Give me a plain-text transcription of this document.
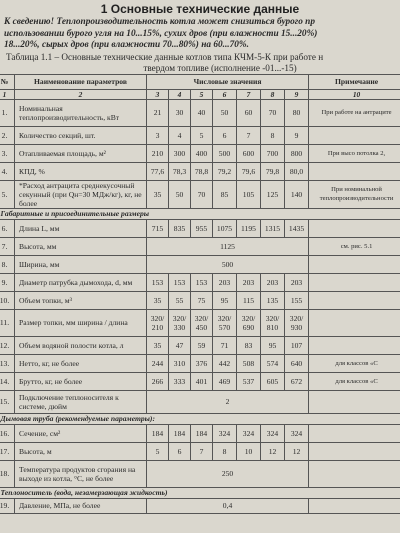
1 Основные технические данные
К сведению! Теплопроизводительность котла может снизиться бурого пр
использовании бурого угля на 10...15%, сухих дров (при влажности 15...20%)
18...20%, сырых дров (при влажности 70...80%) на 60...70%.
Таблица 1.1 – Основные технические данные котлов типа КЧМ-5-К при работе н
твердом топливе (исполнение -01...-15)
№	Наименование параметров	Числовые значения							Примечание
1	2	3	4	5	6	7	8	9	10
1.	Номинальная теплопроизводительность, кВт	21	30	40	50	60	70	80	При работе на антраците
2.	Количество секций, шт.	3	4	5	6	7	8	9	
3.	Отапливаемая площадь, м²	210	300	400	500	600	700	800	При высо потолка 2,
4.	КПД, %	77,6	78,3	78,8	79,2	79,6	79,8	80,0	
5.	*Расход антрацита среднекусочный секунный (при Qн=30 МДж/кг), кг, не более	35	50	70	85	105	125	140	При номинальной теплопроизводительности
Габаритные и присоединительные размеры									
6.	Длина L, мм	715	835	955	1075	1195	1315	1435	
7.	Высота, мм	1125							см. рис. 5.1
8.	Ширина, мм	500							
9.	Диаметр патрубка дымохода, d, мм	153	153	153	203	203	203	203	
10.	Объем топки, м³	35	55	75	95	115	135	155	
11.	Размер топки, мм ширина / длина	320/ 210	320/ 330	320/ 450	320/ 570	320/ 690	320/ 810	320/ 930	
12.	Объем водяной полости котла, л	35	47	59	71	83	95	107	
13.	Нетто, кг, не более	244	310	376	442	508	574	640	для классов «С
14.	Брутто, кг, не более	266	333	401	469	537	605	672	для классов «С
15.	Подключение теплоносителя к системе, дюйм	2							
Дымовая труба (рекомендуемые параметры):									
16.	Сечение, см²	184	184	184	324	324	324	324	
17.	Высота, м	5	6	7	8	10	12	12	
18.	Температура продуктов сгорания на выходе из котла, °С, не более	250							
Теплоноситель (вода, незамерзающая жидкость)									
19.	Давление, МПа, не более	0,4							
